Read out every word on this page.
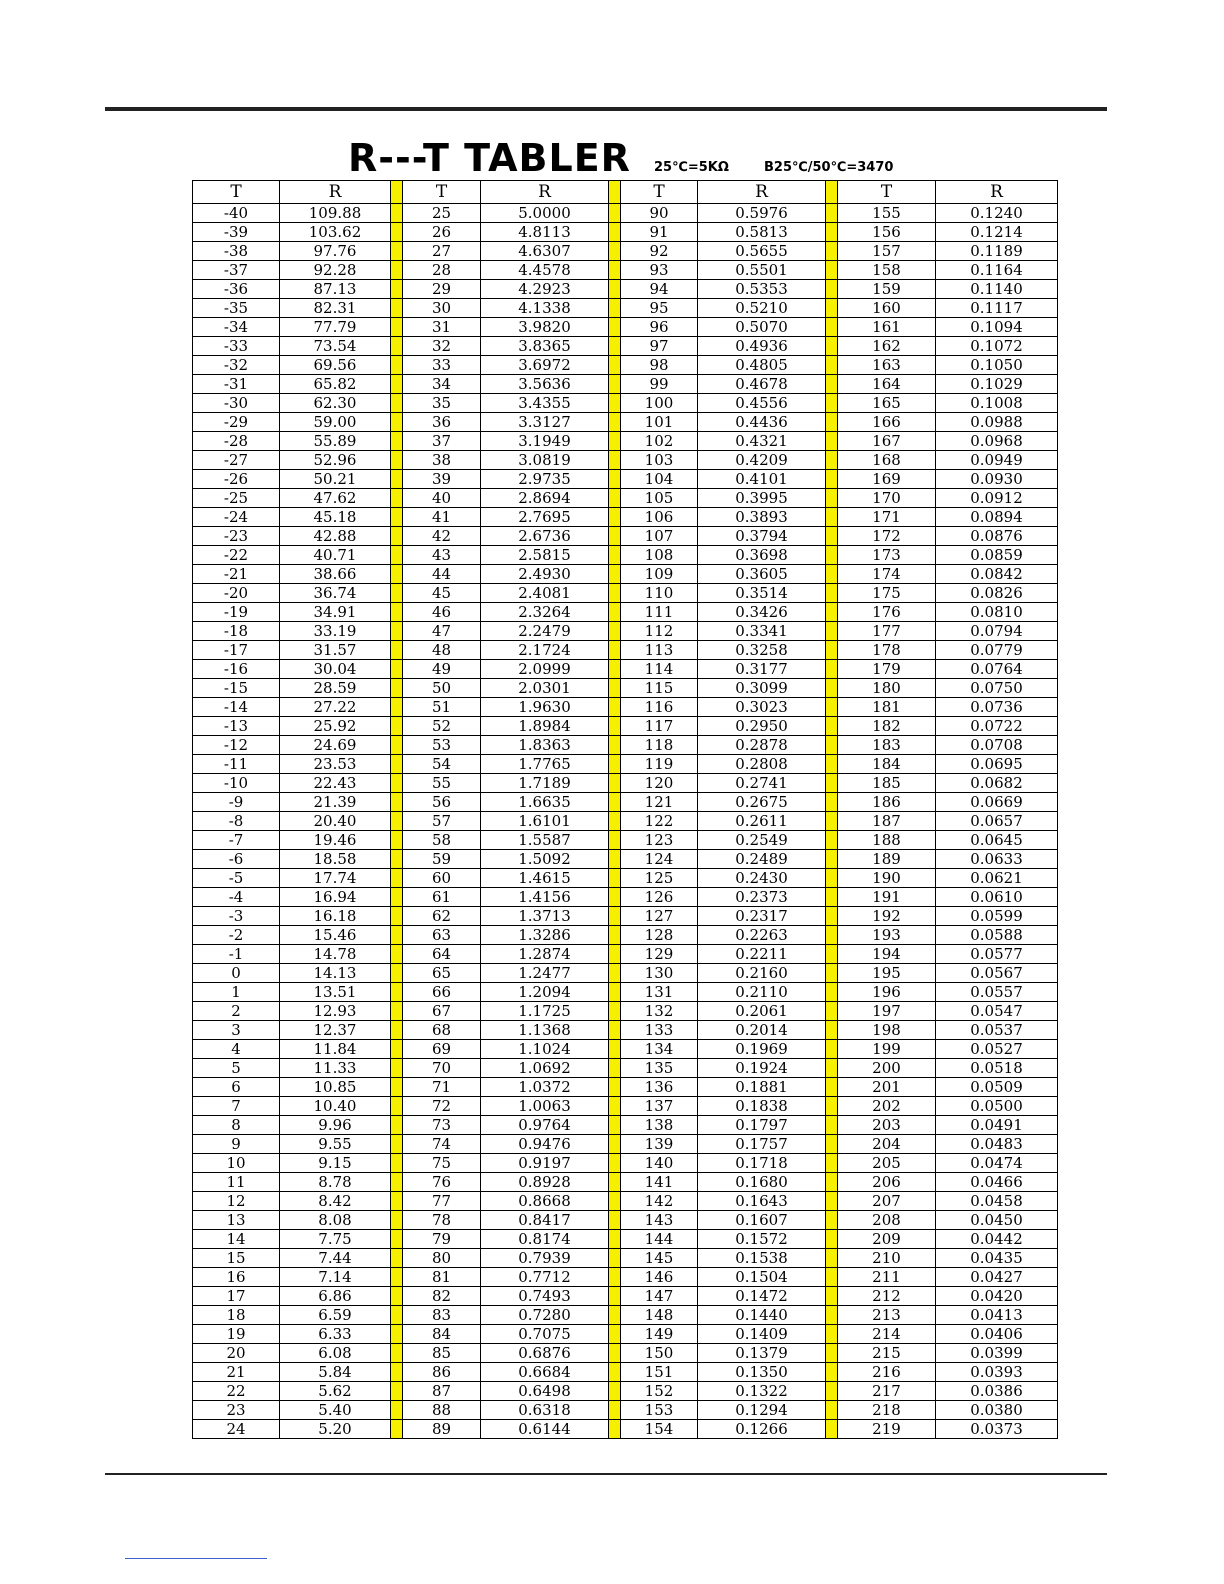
R---T TABLER 25℃=5KΩ	B25℃/50℃=3470
T	R		T	R		T	R		T	R
-40	109.88		25	5.0000		90	0.5976		155	0.1240
-39	103.62		26	4.8113		91	0.5813		156	0.1214
-38	97.76		27	4.6307		92	0.5655		157	0.1189
-37	92.28		28	4.4578		93	0.5501		158	0.1164
-36	87.13		29	4.2923		94	0.5353		159	0.1140
-35	82.31		30	4.1338		95	0.5210		160	0.1117
-34	77.79		31	3.9820		96	0.5070		161	0.1094
-33	73.54		32	3.8365		97	0.4936		162	0.1072
-32	69.56		33	3.6972		98	0.4805		163	0.1050
-31	65.82		34	3.5636		99	0.4678		164	0.1029
-30	62.30		35	3.4355		100	0.4556		165	0.1008
-29	59.00		36	3.3127		101	0.4436		166	0.0988
-28	55.89		37	3.1949		102	0.4321		167	0.0968
-27	52.96		38	3.0819		103	0.4209		168	0.0949
-26	50.21		39	2.9735		104	0.4101		169	0.0930
-25	47.62		40	2.8694		105	0.3995		170	0.0912
-24	45.18		41	2.7695		106	0.3893		171	0.0894
-23	42.88		42	2.6736		107	0.3794		172	0.0876
-22	40.71		43	2.5815		108	0.3698		173	0.0859
-21	38.66		44	2.4930		109	0.3605		174	0.0842
-20	36.74		45	2.4081		110	0.3514		175	0.0826
-19	34.91		46	2.3264		111	0.3426		176	0.0810
-18	33.19		47	2.2479		112	0.3341		177	0.0794
-17	31.57		48	2.1724		113	0.3258		178	0.0779
-16	30.04		49	2.0999		114	0.3177		179	0.0764
-15	28.59		50	2.0301		115	0.3099		180	0.0750
-14	27.22		51	1.9630		116	0.3023		181	0.0736
-13	25.92		52	1.8984		117	0.2950		182	0.0722
-12	24.69		53	1.8363		118	0.2878		183	0.0708
-11	23.53		54	1.7765		119	0.2808		184	0.0695
-10	22.43		55	1.7189		120	0.2741		185	0.0682
-9	21.39		56	1.6635		121	0.2675		186	0.0669
-8	20.40		57	1.6101		122	0.2611		187	0.0657
-7	19.46		58	1.5587		123	0.2549		188	0.0645
-6	18.58		59	1.5092		124	0.2489		189	0.0633
-5	17.74		60	1.4615		125	0.2430		190	0.0621
-4	16.94		61	1.4156		126	0.2373		191	0.0610
-3	16.18		62	1.3713		127	0.2317		192	0.0599
-2	15.46		63	1.3286		128	0.2263		193	0.0588
-1	14.78		64	1.2874		129	0.2211		194	0.0577
0	14.13		65	1.2477		130	0.2160		195	0.0567
1	13.51		66	1.2094		131	0.2110		196	0.0557
2	12.93		67	1.1725		132	0.2061		197	0.0547
3	12.37		68	1.1368		133	0.2014		198	0.0537
4	11.84		69	1.1024		134	0.1969		199	0.0527
5	11.33		70	1.0692		135	0.1924		200	0.0518
6	10.85		71	1.0372		136	0.1881		201	0.0509
7	10.40		72	1.0063		137	0.1838		202	0.0500
8	9.96		73	0.9764		138	0.1797		203	0.0491
9	9.55		74	0.9476		139	0.1757		204	0.0483
10	9.15		75	0.9197		140	0.1718		205	0.0474
11	8.78		76	0.8928		141	0.1680		206	0.0466
12	8.42		77	0.8668		142	0.1643		207	0.0458
13	8.08		78	0.8417		143	0.1607		208	0.0450
14	7.75		79	0.8174		144	0.1572		209	0.0442
15	7.44		80	0.7939		145	0.1538		210	0.0435
16	7.14		81	0.7712		146	0.1504		211	0.0427
17	6.86		82	0.7493		147	0.1472		212	0.0420
18	6.59		83	0.7280		148	0.1440		213	0.0413
19	6.33		84	0.7075		149	0.1409		214	0.0406
20	6.08		85	0.6876		150	0.1379		215	0.0399
21	5.84		86	0.6684		151	0.1350		216	0.0393
22	5.62		87	0.6498		152	0.1322		217	0.0386
23	5.40		88	0.6318		153	0.1294		218	0.0380
24	5.20		89	0.6144		154	0.1266		219	0.0373
